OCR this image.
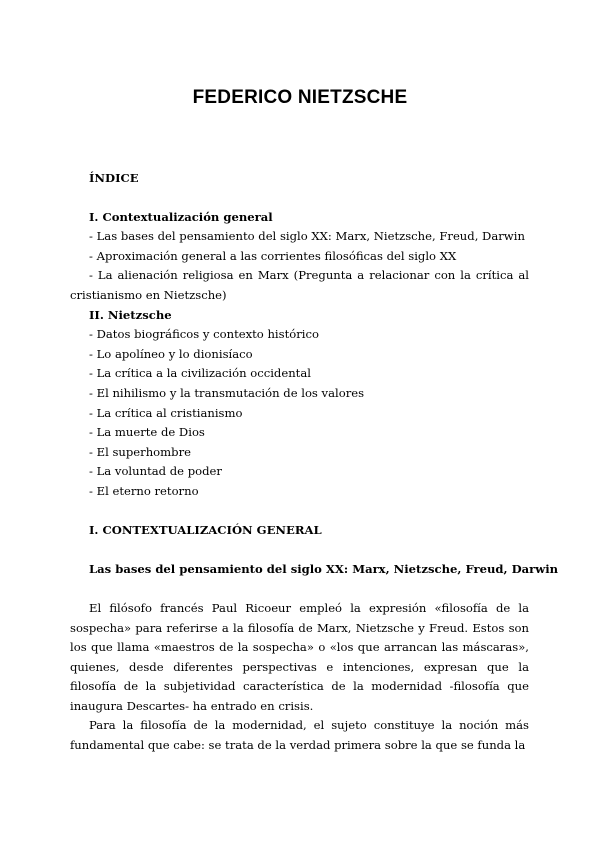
FEDERICO NIETZSCHE
ÍNDICE
I. Contextualización general
- Las bases del pensamiento del siglo XX: Marx, Nietzsche, Freud, Darwin
- Aproximación general a las corrientes filosóficas del siglo XX
- La alienación religiosa en Marx (Pregunta a relacionar con la crítica al
cristianismo en Nietzsche)
II. Nietzsche
- Datos biográficos y contexto histórico
- Lo apolíneo y lo dionisíaco
- La crítica a la civilización occidental
- El nihilismo y la transmutación de los valores
- La crítica al cristianismo
- La muerte de Dios
- El superhombre
- La voluntad de poder
- El eterno retorno
I. CONTEXTUALIZACIÓN GENERAL
Las bases del pensamiento del siglo XX: Marx, Nietzsche, Freud, Darwin
El filósofo francés Paul Ricoeur empleó la expresión «filosofía de la sospecha» para referirse a la filosofía de Marx, Nietzsche y Freud. Estos son los que llama «maestros de la sospecha» o «los que arrancan las máscaras», quienes, desde diferentes perspectivas e intenciones, expresan que la filosofía de la subjetividad característica de la modernidad -filosofía que inaugura Descartes- ha entrado en crisis.
Para la filosofía de la modernidad, el sujeto constituye la noción más fundamental que cabe: se trata de la verdad primera sobre la que se funda la
